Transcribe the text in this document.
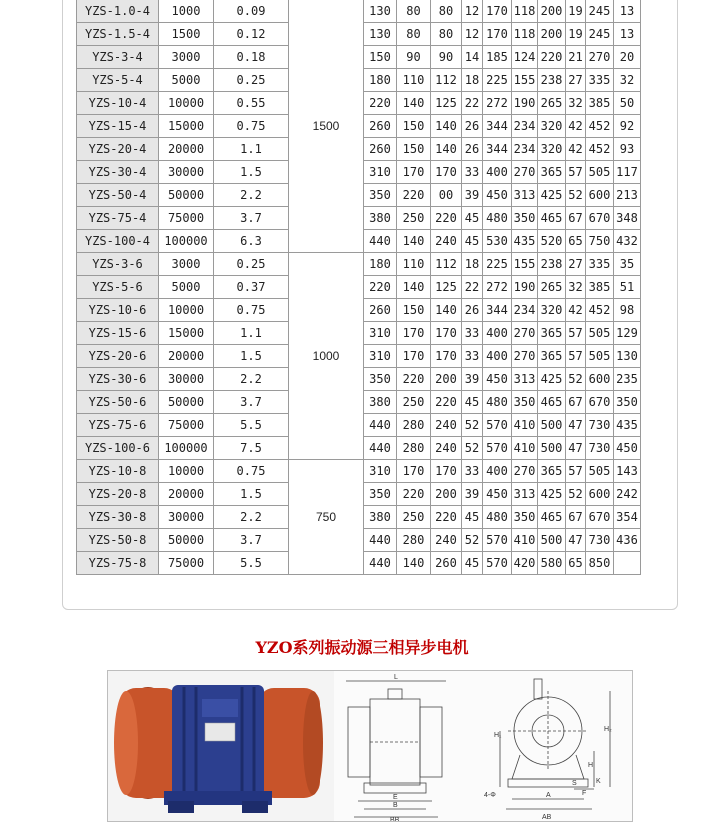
YZS-1.0-4	1000	0.09	1500	130	80	80	12	170	118	200	19	245	13
YZS-1.5-4	1500	0.12		130	80	80	12	170	118	200	19	245	13
YZS-3-4	3000	0.18		150	90	90	14	185	124	220	21	270	20
YZS-5-4	5000	0.25		180	110	112	18	225	155	238	27	335	32
YZS-10-4	10000	0.55		220	140	125	22	272	190	265	32	385	50
YZS-15-4	15000	0.75		260	150	140	26	344	234	320	42	452	92
YZS-20-4	20000	1.1		260	150	140	26	344	234	320	42	452	93
YZS-30-4	30000	1.5		310	170	170	33	400	270	365	57	505	117
YZS-50-4	50000	2.2		350	220	00	39	450	313	425	52	600	213
YZS-75-4	75000	3.7		380	250	220	45	480	350	465	67	670	348
YZS-100-4	100000	6.3		440	140	240	45	530	435	520	65	750	432
YZS-3-6	3000	0.25	1000	180	110	112	18	225	155	238	27	335	35
YZS-5-6	5000	0.37		220	140	125	22	272	190	265	32	385	51
YZS-10-6	10000	0.75		260	150	140	26	344	234	320	42	452	98
YZS-15-6	15000	1.1		310	170	170	33	400	270	365	57	505	129
YZS-20-6	20000	1.5		310	170	170	33	400	270	365	57	505	130
YZS-30-6	30000	2.2		350	220	200	39	450	313	425	52	600	235
YZS-50-6	50000	3.7		380	250	220	45	480	350	465	67	670	350
YZS-75-6	75000	5.5		440	280	240	52	570	410	500	47	730	435
YZS-100-6	100000	7.5		440	280	240	52	570	410	500	47	730	450
YZS-10-8	10000	0.75	750	310	170	170	33	400	270	365	57	505	143
YZS-20-8	20000	1.5		350	220	200	39	450	313	425	52	600	242
YZS-30-8	30000	2.2		380	250	220	45	480	350	465	67	670	354
YZS-50-8	50000	3.7		440	280	240	52	570	410	500	47	730	436
YZS-75-8	75000	5.5		440	140	260	45	570	420	580	65	850	
YZO系列振动源三相异步电机
L
E
B
BB
H₁
H
H₂
K
S
F
A
AB
4-Φ
